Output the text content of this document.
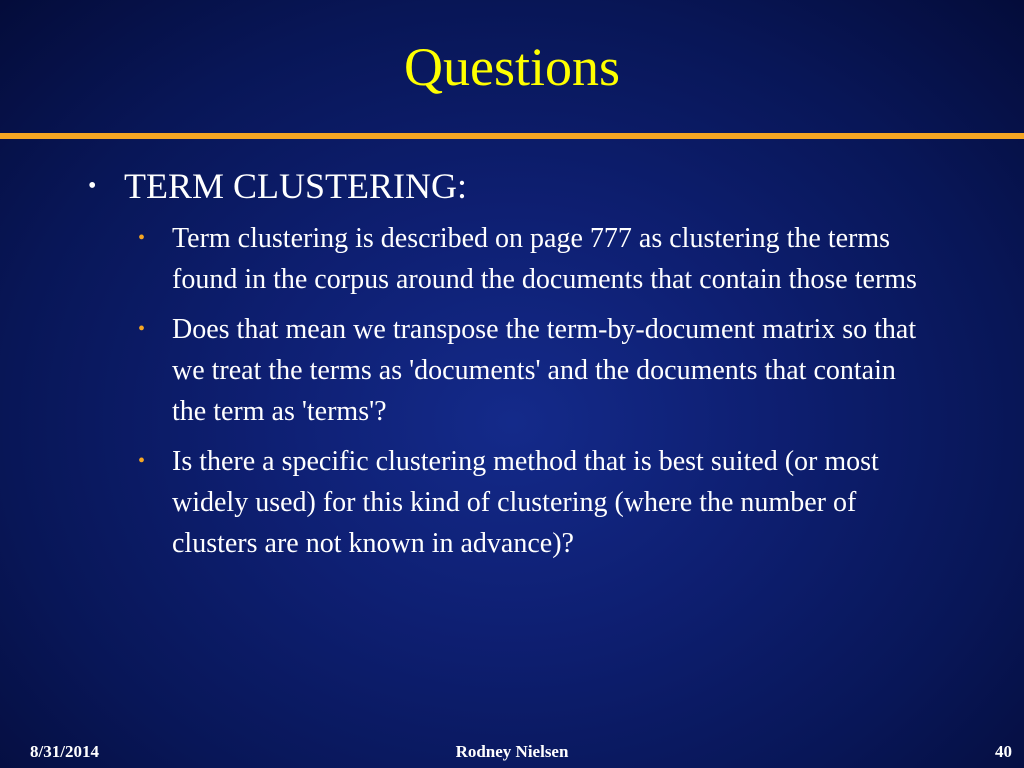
Questions
• TERM CLUSTERING:
• Term clustering is described on page 777 as clustering the terms found in the corpus around the documents that contain those terms
• Does that mean we transpose the term-by-document matrix so that we treat the terms as 'documents' and the documents that contain the term as 'terms'?
• Is there a specific clustering method that is best suited (or most widely used) for this kind of clustering (where the number of clusters are not known in advance)?
8/31/2014	Rodney Nielsen	40
